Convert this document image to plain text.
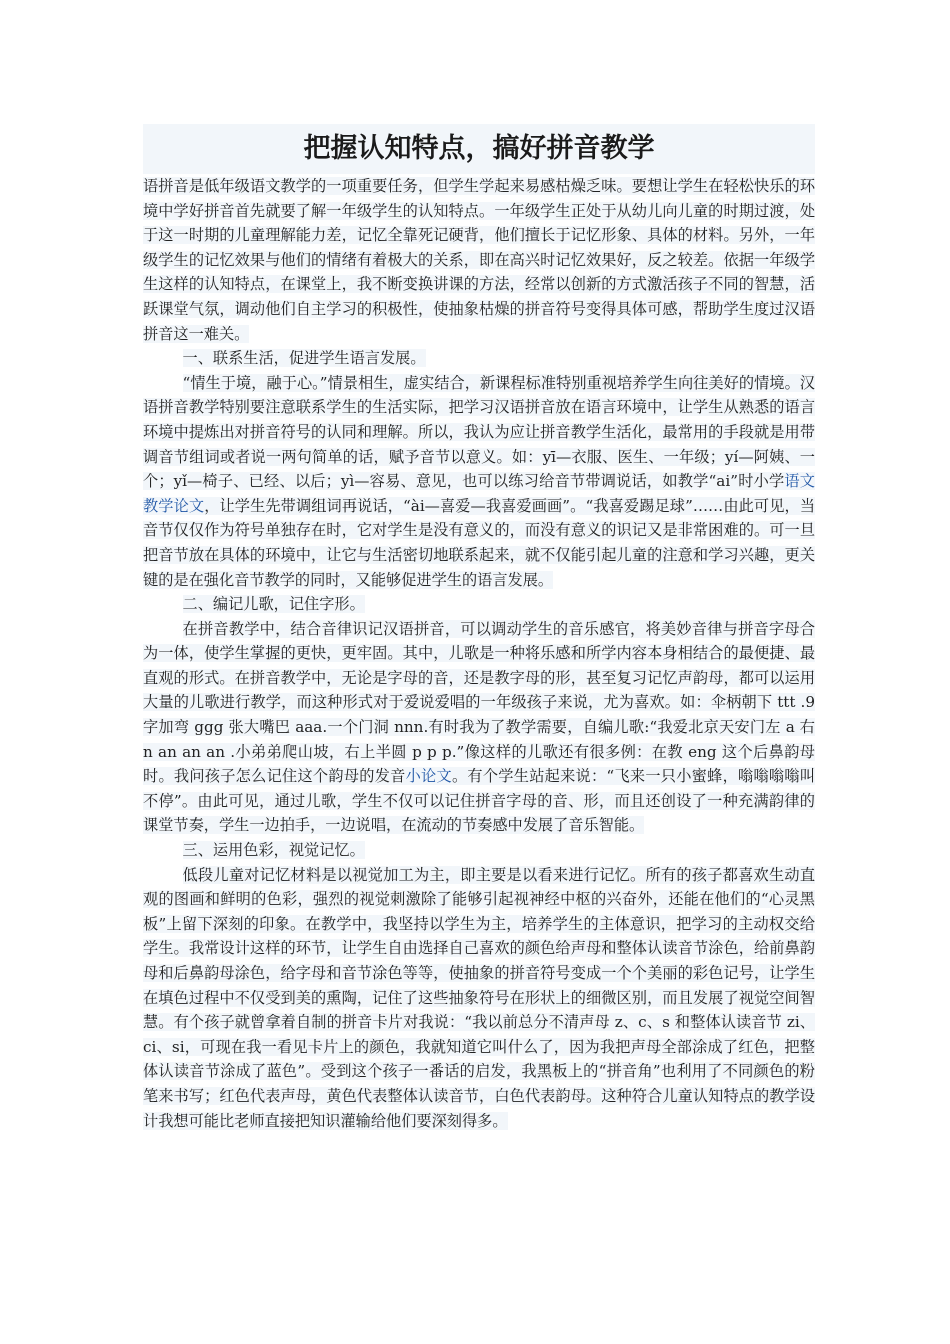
把握认知特点，搞好拼音教学

语拼音是低年级语文教学的一项重要任务，但学生学起来易感枯燥乏味。要想让学生在轻松快乐的环境中学好拼音首先就要了解一年级学生的认知特点。一年级学生正处于从幼儿向儿童的时期过渡，处于这一时期的儿童理解能力差，记忆全靠死记硬背，他们擅长于记忆形象、具体的材料。另外，一年级学生的记忆效果与他们的情绪有着极大的关系，即在高兴时记忆效果好，反之较差。依据一年级学生这样的认知特点，在课堂上，我不断变换讲课的方法，经常以创新的方式激活孩子不同的智慧，活跃课堂气氛，调动他们自主学习的积极性，使抽象枯燥的拼音符号变得具体可感，帮助学生度过汉语拼音这一难关。

一、联系生活，促进学生语言发展。

“情生于境，融于心。”情景相生，虚实结合，新课程标准特别重视培养学生向往美好的情境。汉语拼音教学特别要注意联系学生的生活实际，把学习汉语拼音放在语言环境中，让学生从熟悉的语言环境中提炼出对拼音符号的认同和理解。所以，我认为应让拼音教学生活化，最常用的手段就是用带调音节组词或者说一两句简单的话，赋予音节以意义。如：yī—衣服、医生、一年级；yí—阿姨、一个；yǐ—椅子、已经、以后；yì—容易、意见，也可以练习给音节带调说话，如教学“ai”时小学语文教学论文，让学生先带调组词再说话，“ài—喜爱—我喜爱画画”。“我喜爱踢足球”……由此可见，当音节仅仅作为符号单独存在时，它对学生是没有意义的，而没有意义的识记又是非常困难的。可一旦把音节放在具体的环境中，让它与生活密切地联系起来，就不仅能引起儿童的注意和学习兴趣，更关键的是在强化音节教学的同时，又能够促进学生的语言发展。

二、编记儿歌，记住字形。

在拼音教学中，结合音律识记汉语拼音，可以调动学生的音乐感官，将美妙音律与拼音字母合为一体，使学生掌握的更快，更牢固。其中，儿歌是一种将乐感和所学内容本身相结合的最便捷、最直观的形式。在拼音教学中，无论是字母的音，还是教字母的形，甚至复习记忆声韵母，都可以运用大量的儿歌进行教学，而这种形式对于爱说爱唱的一年级孩子来说，尤为喜欢。如：伞柄朝下 ttt .9 字加弯 ggg 张大嘴巴 aaa.一个门洞 nnn.有时我为了教学需要，自编儿歌:“我爱北京天安门左 a 右 n an an an .小弟弟爬山坡，右上半圆 p p p.”像这样的儿歌还有很多例：在教 eng 这个后鼻韵母时。我问孩子怎么记住这个韵母的发音小论文。有个学生站起来说：“飞来一只小蜜蜂，嗡嗡嗡嗡叫不停”。由此可见，通过儿歌，学生不仅可以记住拼音字母的音、形，而且还创设了一种充满韵律的课堂节奏，学生一边拍手，一边说唱，在流动的节奏感中发展了音乐智能。

三、运用色彩，视觉记忆。

低段儿童对记忆材料是以视觉加工为主，即主要是以看来进行记忆。所有的孩子都喜欢生动直观的图画和鲜明的色彩，强烈的视觉刺激除了能够引起视神经中枢的兴奋外，还能在他们的“心灵黑板”上留下深刻的印象。在教学中，我坚持以学生为主，培养学生的主体意识，把学习的主动权交给学生。我常设计这样的环节，让学生自由选择自己喜欢的颜色给声母和整体认读音节涂色，给前鼻韵母和后鼻韵母涂色，给字母和音节涂色等等，使抽象的拼音符号变成一个个美丽的彩色记号，让学生在填色过程中不仅受到美的熏陶，记住了这些抽象符号在形状上的细微区别，而且发展了视觉空间智慧。有个孩子就曾拿着自制的拼音卡片对我说：“我以前总分不清声母 z、c、s 和整体认读音节 zi、ci、si，可现在我一看见卡片上的颜色，我就知道它叫什么了，因为我把声母全部涂成了红色，把整体认读音节涂成了蓝色”。受到这个孩子一番话的启发，我黑板上的“拼音角”也利用了不同颜色的粉笔来书写；红色代表声母，黄色代表整体认读音节，白色代表韵母。这种符合儿童认知特点的教学设计我想可能比老师直接把知识灌输给他们要深刻得多。
